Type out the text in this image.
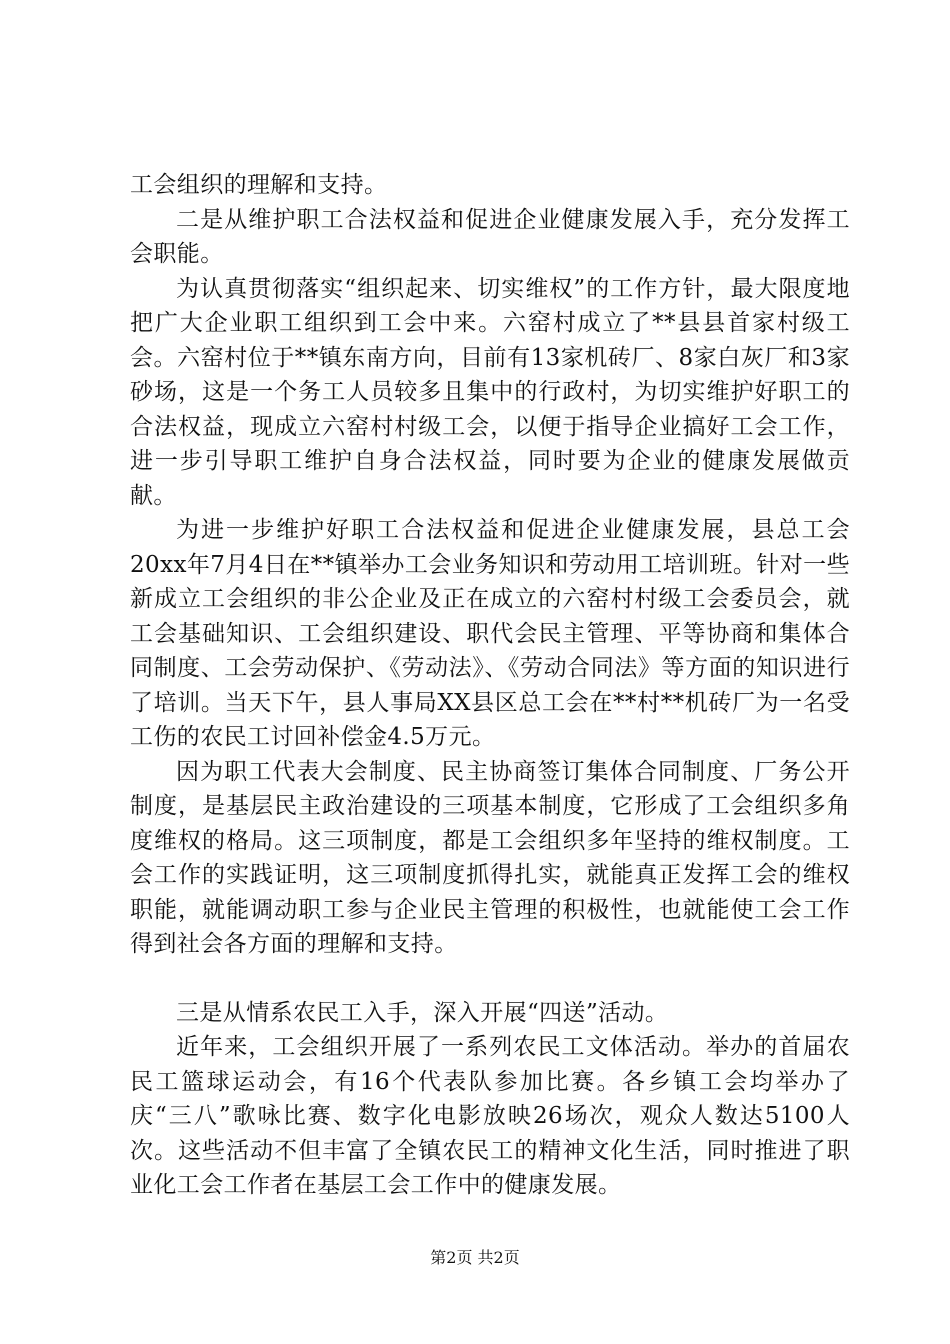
工会组织的理解和支持。

二是从维护职工合法权益和促进企业健康发展入手，充分发挥工会职能。

为认真贯彻落实“组织起来、切实维权”的工作方针，最大限度地把广大企业职工组织到工会中来。六窑村成立了**县县首家村级工会。六窑村位于**镇东南方向，目前有13家机砖厂、8家白灰厂和3家砂场，这是一个务工人员较多且集中的行政村，为切实维护好职工的合法权益，现成立六窑村村级工会，以便于指导企业搞好工会工作，进一步引导职工维护自身合法权益，同时要为企业的健康发展做贡献。

为进一步维护好职工合法权益和促进企业健康发展，县总工会20xx年7月4日在**镇举办工会业务知识和劳动用工培训班。针对一些新成立工会组织的非公企业及正在成立的六窑村村级工会委员会，就工会基础知识、工会组织建设、职代会民主管理、平等协商和集体合同制度、工会劳动保护、《劳动法》、《劳动合同法》等方面的知识进行了培训。当天下午，县人事局XX县区总工会在**村**机砖厂为一名受工伤的农民工讨回补偿金4.5万元。

因为职工代表大会制度、民主协商签订集体合同制度、厂务公开制度，是基层民主政治建设的三项基本制度，它形成了工会组织多角度维权的格局。这三项制度，都是工会组织多年坚持的维权制度。工会工作的实践证明，这三项制度抓得扎实，就能真正发挥工会的维权职能，就能调动职工参与企业民主管理的积极性，也就能使工会工作得到社会各方面的理解和支持。

三是从情系农民工入手，深入开展“四送”活动。

近年来，工会组织开展了一系列农民工文体活动。举办的首届农民工篮球运动会，有16个代表队参加比赛。各乡镇工会均举办了庆“三八”歌咏比赛、数字化电影放映26场次，观众人数达5100人次。这些活动不但丰富了全镇农民工的精神文化生活，同时推进了职业化工会工作者在基层工会工作中的健康发展。

第2页 共2页
